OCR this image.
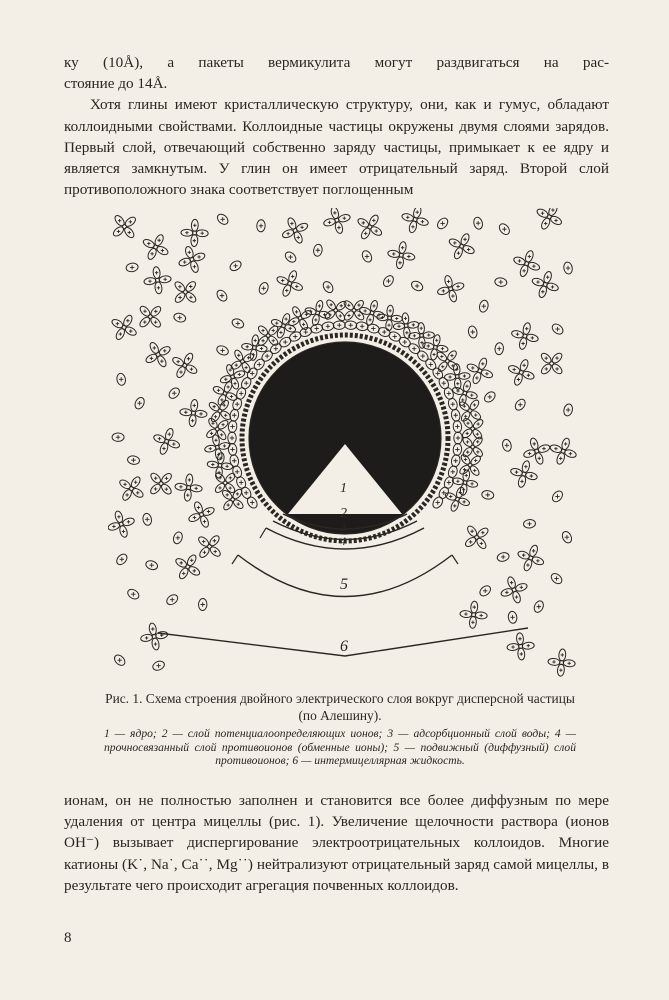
ку (10Å), а пакеты вермикулита могут раздвигаться на рас-

стояние до 14Å.

Хотя глины имеют кристаллическую структуру, они, как и гумус, обладают коллоидными свойствами. Коллоидные частицы окружены двумя слоями зарядов. Первый слой, отвечающий собственно заряду частицы, примыкает к ее ядру и является замкнутым. У глин он имеет отрицательный заряд. Второй слой противоположного знака соответствует поглощенным

1
2
3
4
5
6
Рис. 1. Схема строения двойного электрического слоя вокруг дисперсной частицы (по Алешину).
1 — ядро; 2 — слой потенциалоопределяющих ионов; 3 — адсорбционный слой воды; 4 — прочносвязанный слой противоионов (обменные ионы); 5 — подвижный (диффузный) слой противоионов; 6 — интермицеллярная жидкость.

ионам, он не полностью заполнен и становится все более диффузным по мере удаления от центра мицеллы (рис. 1). Увеличение щелочности раствора (ионов OH⁻) вызывает диспергирование электроотрицательных коллоидов. Многие катионы (K˙, Na˙, Ca˙˙, Mg˙˙) нейтрализуют отрицательный заряд самой мицеллы, в результате чего происходит агрегация почвенных коллоидов.

8
